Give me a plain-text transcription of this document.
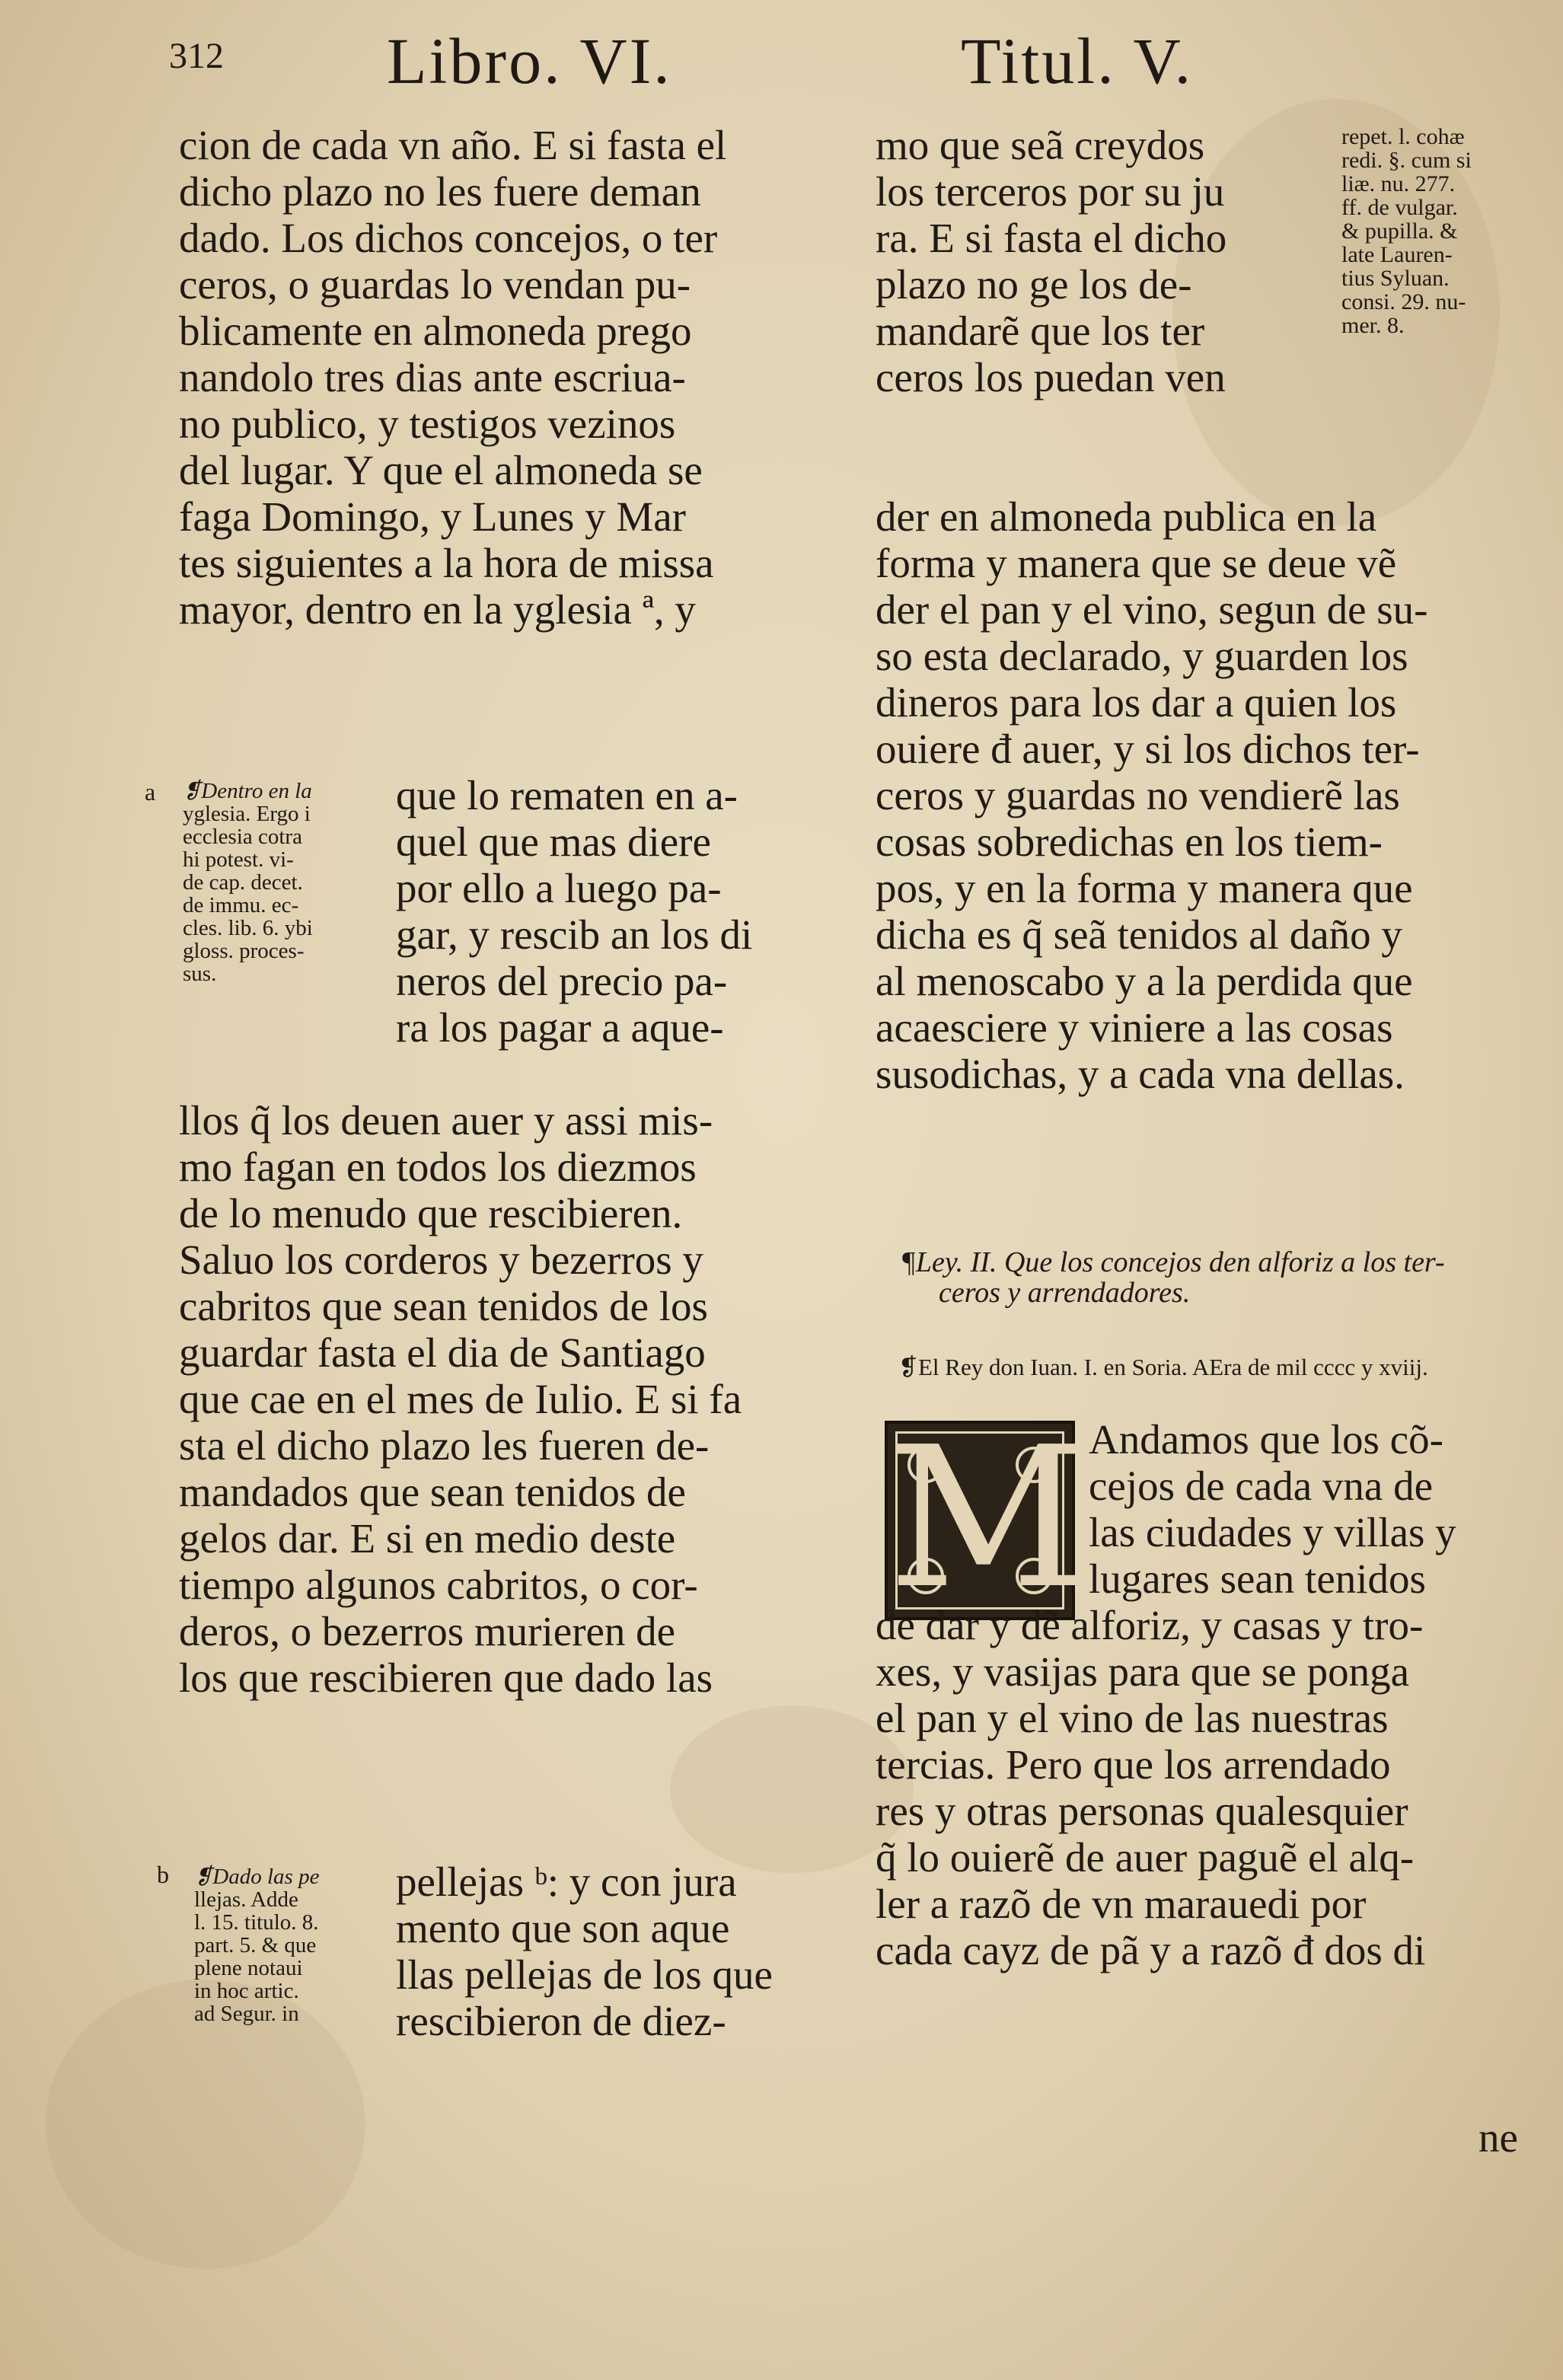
312 Libro. VI.	Titul. V.
cion de cada vn año. E si fasta el
dicho plazo no les fuere deman
dado. Los dichos concejos, o ter
ceros, o guardas lo vendan pu-
blicamente en almoneda prego
nandolo tres dias ante escriua-
no publico, y testigos vezinos
del lugar. Y que el almoneda se
faga Domingo, y Lunes y Mar
tes siguientes a la hora de missa
mayor, dentro en la yglesia ª, y
a ❡Dentro en la
yglesia. Ergo i
ecclesia cotra
hi potest. vi-
de cap. decet.
de immu. ec-
cles. lib. 6. ybi
gloss. proces-
sus.
que lo rematen en a-
quel que mas diere
por ello a luego pa-
gar, y rescib an los di
neros del precio pa-
ra los pagar a aque-
llos q̃ los deuen auer y assi mis-
mo fagan en todos los diezmos
de lo menudo que rescibieren.
Saluo los corderos y bezerros y
cabritos que sean tenidos de los
guardar fasta el dia de Santiago
que cae en el mes de Iulio. E si fa
sta el dicho plazo les fueren de-
mandados que sean tenidos de
gelos dar. E si en medio deste
tiempo algunos cabritos, o cor-
deros, o bezerros murieren de
los que rescibieren que dado las
b ❡Dado las pe
llejas. Adde
l. 15. titulo. 8.
part. 5. & que
plene notaui
in hoc artic.
ad Segur. in
pellejas ᵇ: y con jura
mento que son aque
llas pellejas de los que
rescibieron de diez-
mo que seã creydos
los terceros por su ju
ra. E si fasta el dicho
plazo no ge los de-
mandarẽ que los ter
ceros los puedan ven
repet. l. cohæ
redi. §. cum si
liæ. nu. 277.
ff. de vulgar.
& pupilla. &
late Lauren-
tius Syluan.
consi. 29. nu-
mer. 8.
der en almoneda publica en la
forma y manera que se deue vẽ
der el pan y el vino, segun de su-
so esta declarado, y guarden los
dineros para los dar a quien los
ouiere đ auer, y si los dichos ter-
ceros y guardas no vendierẽ las
cosas sobredichas en los tiem-
pos, y en la forma y manera que
dicha es q̃ seã tenidos al daño y
al menoscabo y a la perdida que
acaesciere y viniere a las cosas
susodichas, y a cada vna dellas.
¶Ley. II. Que los concejos den alforiz a los ter-
ceros y arrendadores.
❡El Rey don Iuan. I. en Soria. AEra de mil cccc y xviij.
M Andamos que los cõ-
cejos de cada vna de
las ciudades y villas y
lugares sean tenidos
de dar y dẽ alforiz, y casas y tro-
xes, y vasijas para que se ponga
el pan y el vino de las nuestras
tercias. Pero que los arrendado
res y otras personas qualesquier
q̃ lo ouierẽ de auer paguẽ el alq-
ler a razõ de vn marauedi por
cada cayz de pã y a razõ đ dos di
ne
